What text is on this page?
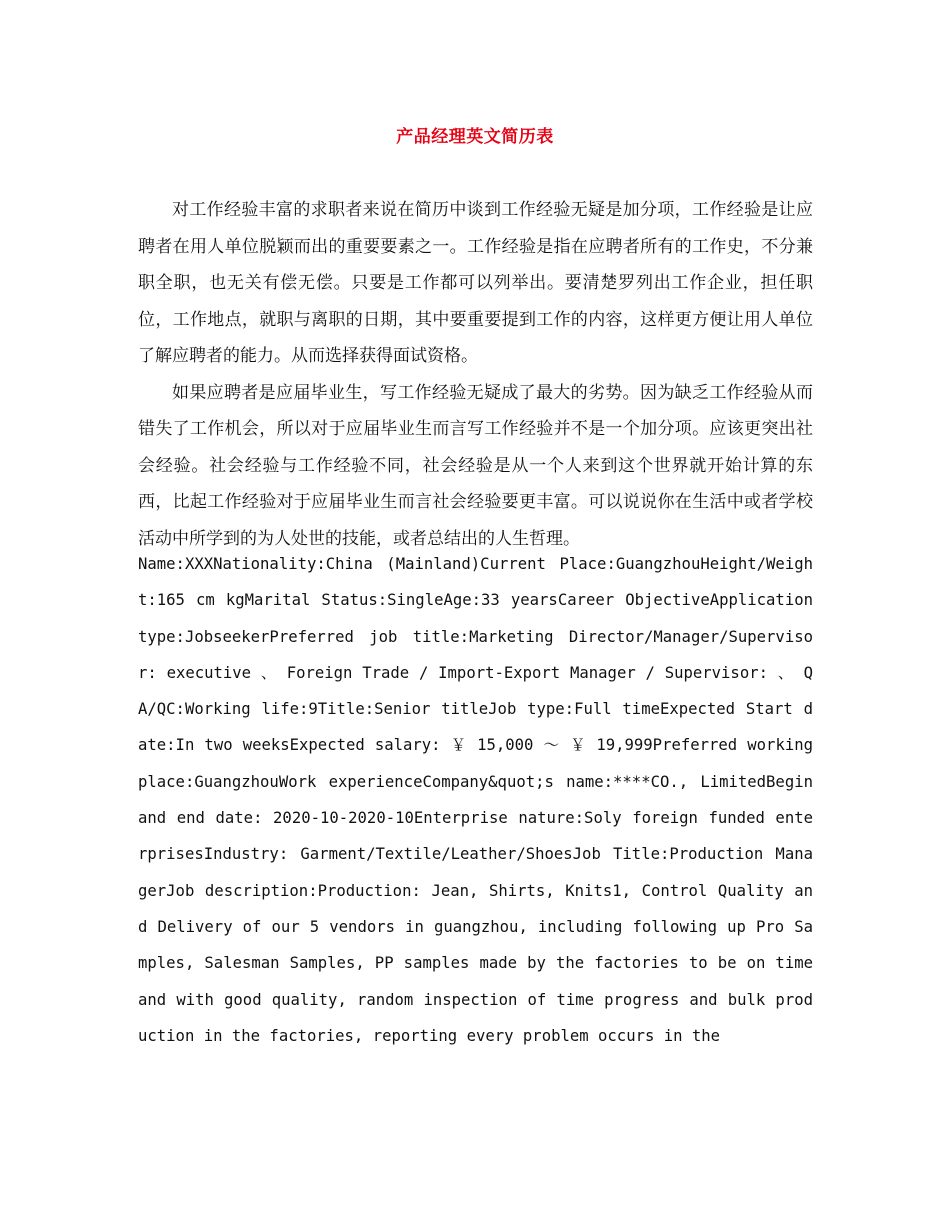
产品经理英文简历表

对工作经验丰富的求职者来说在简历中谈到工作经验无疑是加分项，工作经验是让应聘者在用人单位脱颖而出的重要要素之一。工作经验是指在应聘者所有的工作史，不分兼职全职，也无关有偿无偿。只要是工作都可以列举出。要清楚罗列出工作企业，担任职位，工作地点，就职与离职的日期，其中要重要提到工作的内容，这样更方便让用人单位了解应聘者的能力。从而选择获得面试资格。

如果应聘者是应届毕业生，写工作经验无疑成了最大的劣势。因为缺乏工作经验从而错失了工作机会，所以对于应届毕业生而言写工作经验并不是一个加分项。应该更突出社会经验。社会经验与工作经验不同，社会经验是从一个人来到这个世界就开始计算的东西，比起工作经验对于应届毕业生而言社会经验要更丰富。可以说说你在生活中或者学校活动中所学到的为人处世的技能，或者总结出的人生哲理。

Name:XXXNationality:China (Mainland)Current Place:GuangzhouHeight/Weight:165 cm kgMarital Status:SingleAge:33 yearsCareer ObjectiveApplication type:JobseekerPreferred job title:Marketing Director/Manager/Supervisor: executive 、 Foreign Trade / Import-Export Manager / Supervisor: 、 QA/QC:Working life:9Title:Senior titleJob type:Full timeExpected Start date:In two weeksExpected salary: ￥ 15,000 ～ ￥ 19,999Preferred working place:GuangzhouWork experienceCompany&quot;s name:****CO., LimitedBegin and end date: 2020-10-2020-10Enterprise nature:Soly foreign funded enterprisesIndustry: Garment/Textile/Leather/ShoesJob Title:Production ManagerJob description:Production: Jean, Shirts, Knits1, Control Quality and Delivery of our 5 vendors in guangzhou, including following up Pro Samples, Salesman Samples, PP samples made by the factories to be on time and with good quality, random inspection of time progress and bulk production in the factories, reporting every problem occurs in the
